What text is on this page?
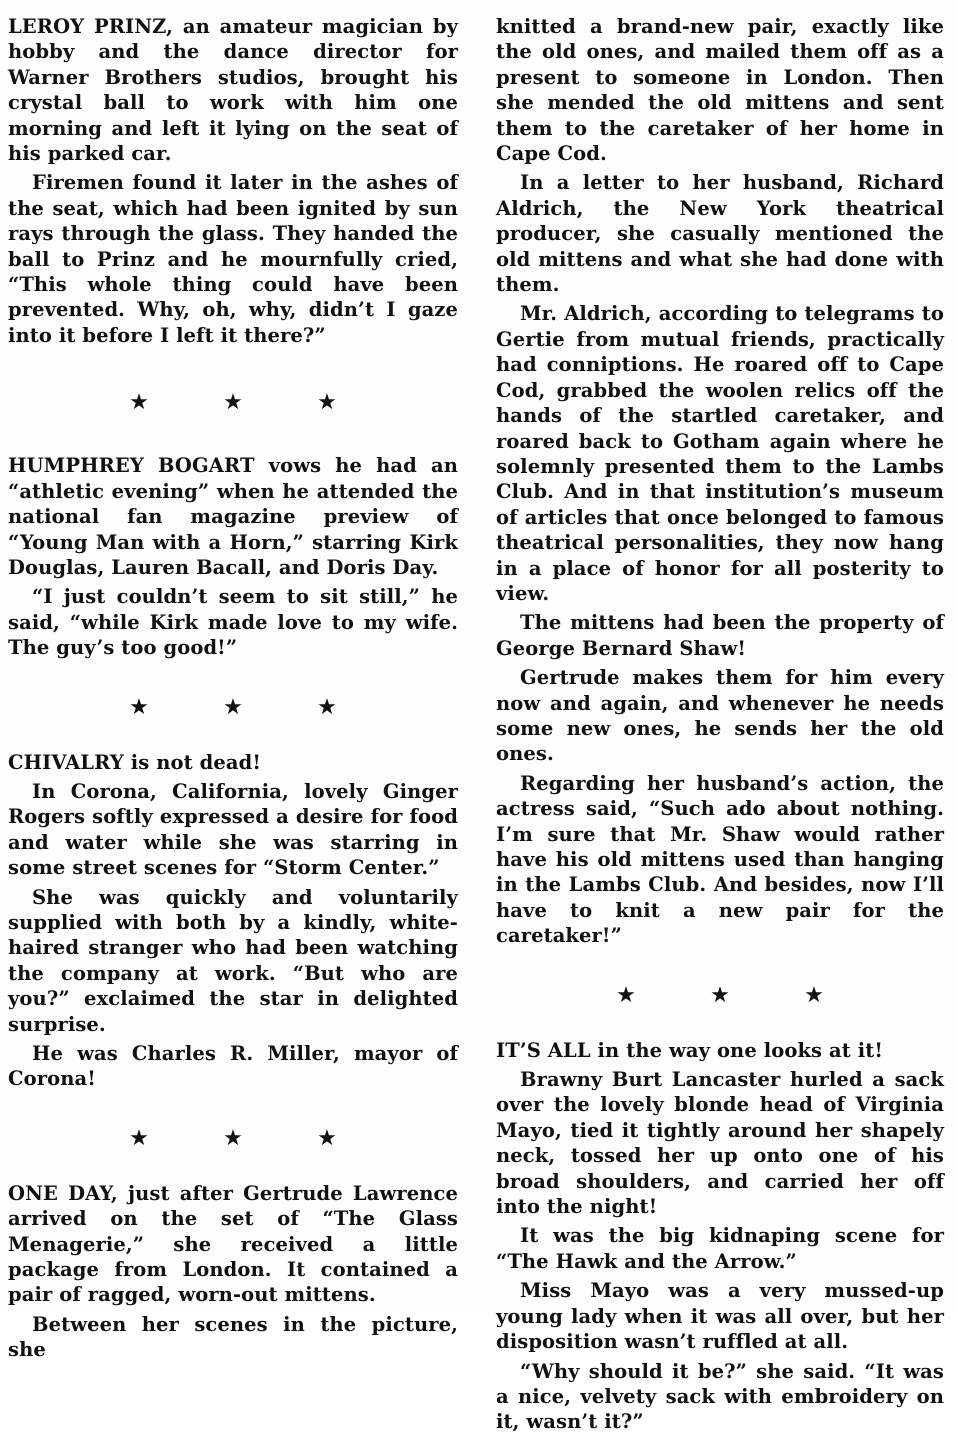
LEROY PRINZ, an amateur magician by hobby and the dance director for Warner Brothers studios, brought his crystal ball to work with him one morning and left it lying on the seat of his parked car.

Firemen found it later in the ashes of the seat, which had been ignited by sun rays through the glass. They handed the ball to Prinz and he mournfully cried, “This whole thing could have been prevented. Why, oh, why, didn’t I gaze into it before I left it there?”

★	★	★

HUMPHREY BOGART vows he had an “athletic evening” when he attended the national fan magazine preview of “Young Man with a Horn,” starring Kirk Douglas, Lauren Bacall, and Doris Day.

“I just couldn’t seem to sit still,” he said, “while Kirk made love to my wife. The guy’s too good!”

★	★	★

CHIVALRY is not dead!

In Corona, California, lovely Ginger Rogers softly expressed a desire for food and water while she was starring in some street scenes for “Storm Center.”

She was quickly and voluntarily supplied with both by a kindly, white-haired stranger who had been watching the company at work. “But who are you?” exclaimed the star in delighted surprise.

He was Charles R. Miller, mayor of Corona!

★	★	★

ONE DAY, just after Gertrude Lawrence arrived on the set of “The Glass Menagerie,” she received a little package from London. It contained a pair of ragged, worn-out mittens.

Between her scenes in the picture, she

knitted a brand-new pair, exactly like the old ones, and mailed them off as a present to someone in London. Then she mended the old mittens and sent them to the caretaker of her home in Cape Cod.

In a letter to her husband, Richard Aldrich, the New York theatrical producer, she casually mentioned the old mittens and what she had done with them.

Mr. Aldrich, according to telegrams to Gertie from mutual friends, practically had conniptions. He roared off to Cape Cod, grabbed the woolen relics off the hands of the startled caretaker, and roared back to Gotham again where he solemnly presented them to the Lambs Club. And in that institution’s museum of articles that once belonged to famous theatrical personalities, they now hang in a place of honor for all posterity to view.

The mittens had been the property of George Bernard Shaw!

Gertrude makes them for him every now and again, and whenever he needs some new ones, he sends her the old ones.

Regarding her husband’s action, the actress said, “Such ado about nothing. I’m sure that Mr. Shaw would rather have his old mittens used than hanging in the Lambs Club. And besides, now I’ll have to knit a new pair for the caretaker!”

★	★	★

IT’S ALL in the way one looks at it!

Brawny Burt Lancaster hurled a sack over the lovely blonde head of Virginia Mayo, tied it tightly around her shapely neck, tossed her up onto one of his broad shoulders, and carried her off into the night!

It was the big kidnaping scene for “The Hawk and the Arrow.”

Miss Mayo was a very mussed-up young lady when it was all over, but her disposition wasn’t ruffled at all.

“Why should it be?” she said. “It was a nice, velvety sack with embroidery on it, wasn’t it?”
